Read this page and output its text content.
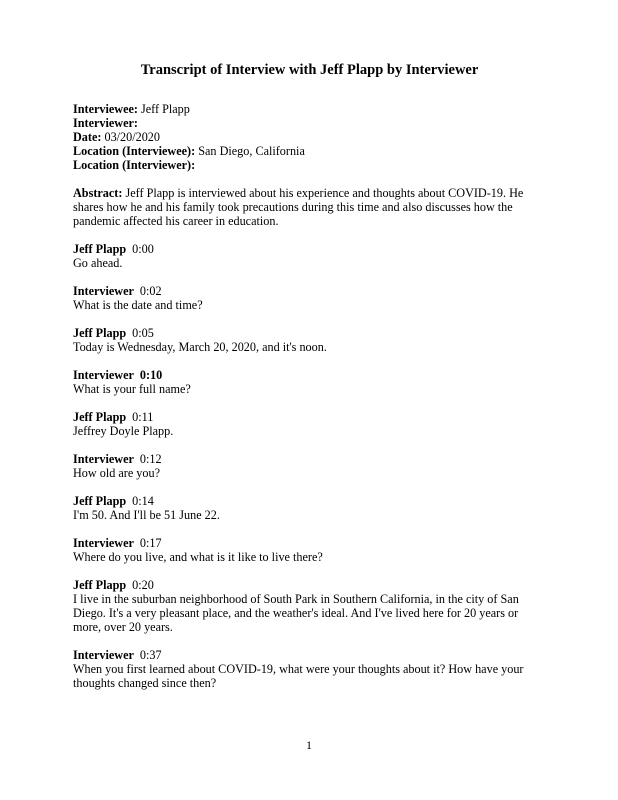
Transcript of Interview with Jeff Plapp by Interviewer
Interviewee: Jeff Plapp
Interviewer:
Date: 03/20/2020
Location (Interviewee): San Diego, California
Location (Interviewer):

Abstract: Jeff Plapp is interviewed about his experience and thoughts about COVID-19. He shares how he and his family took precautions during this time and also discusses how the pandemic affected his career in education.

Jeff Plapp 0:00
Go ahead.
Interviewer 0:02
What is the date and time?
Jeff Plapp 0:05
Today is Wednesday, March 20, 2020, and it's noon.
Interviewer 0:10
What is your full name?
Jeff Plapp 0:11
Jeffrey Doyle Plapp.
Interviewer 0:12
How old are you?
Jeff Plapp 0:14
I'm 50. And I'll be 51 June 22.
Interviewer 0:17
Where do you live, and what is it like to live there?
Jeff Plapp 0:20
I live in the suburban neighborhood of South Park in Southern California, in the city of San Diego. It's a very pleasant place, and the weather's ideal. And I've lived here for 20 years or more, over 20 years.
Interviewer 0:37
When you first learned about COVID-19, what were your thoughts about it? How have your thoughts changed since then?
1
